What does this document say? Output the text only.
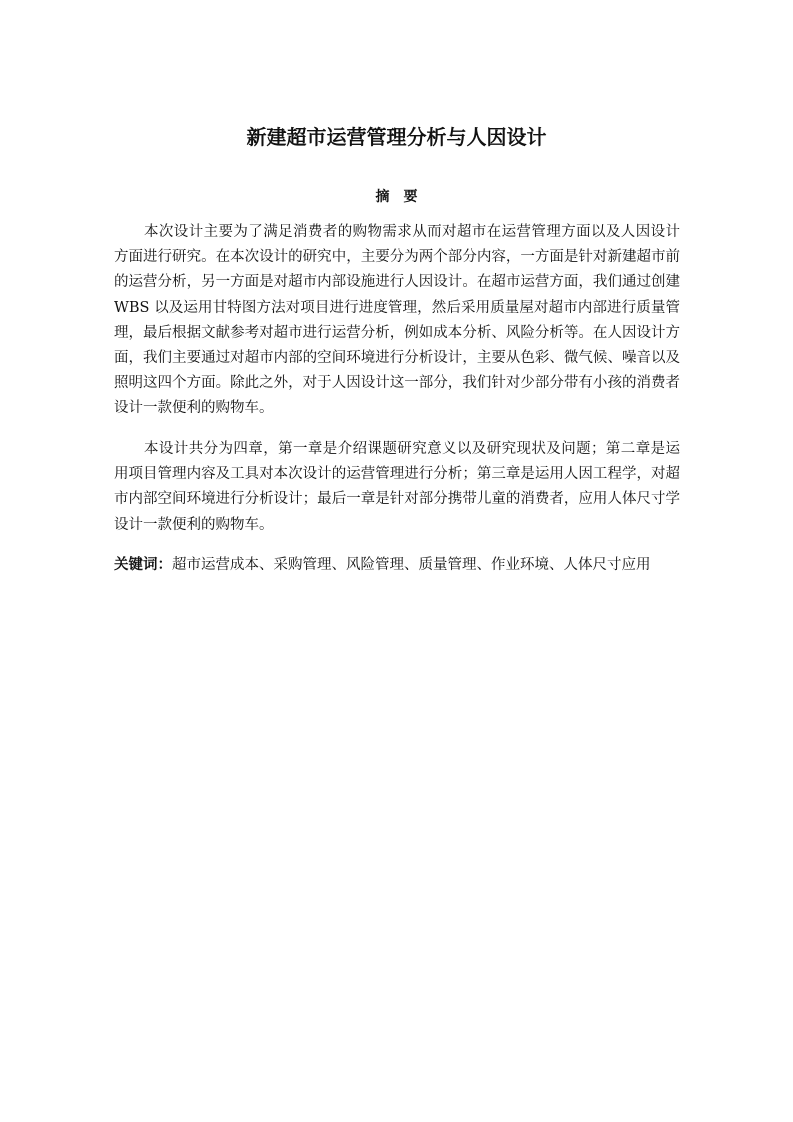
新建超市运营管理分析与人因设计
摘要

本次设计主要为了满足消费者的购物需求从而对超市在运营管理方面以及人因设计方面进行研究。在本次设计的研究中，主要分为两个部分内容，一方面是针对新建超市前的运营分析，另一方面是对超市内部设施进行人因设计。在超市运营方面，我们通过创建 WBS 以及运用甘特图方法对项目进行进度管理，然后采用质量屋对超市内部进行质量管理，最后根据文献参考对超市进行运营分析，例如成本分析、风险分析等。在人因设计方面，我们主要通过对超市内部的空间环境进行分析设计，主要从色彩、微气候、噪音以及照明这四个方面。除此之外，对于人因设计这一部分，我们针对少部分带有小孩的消费者设计一款便利的购物车。

本设计共分为四章，第一章是介绍课题研究意义以及研究现状及问题；第二章是运用项目管理内容及工具对本次设计的运营管理进行分析；第三章是运用人因工程学，对超市内部空间环境进行分析设计；最后一章是针对部分携带儿童的消费者，应用人体尺寸学设计一款便利的购物车。

关键词：超市运营成本、采购管理、风险管理、质量管理、作业环境、人体尺寸应用
